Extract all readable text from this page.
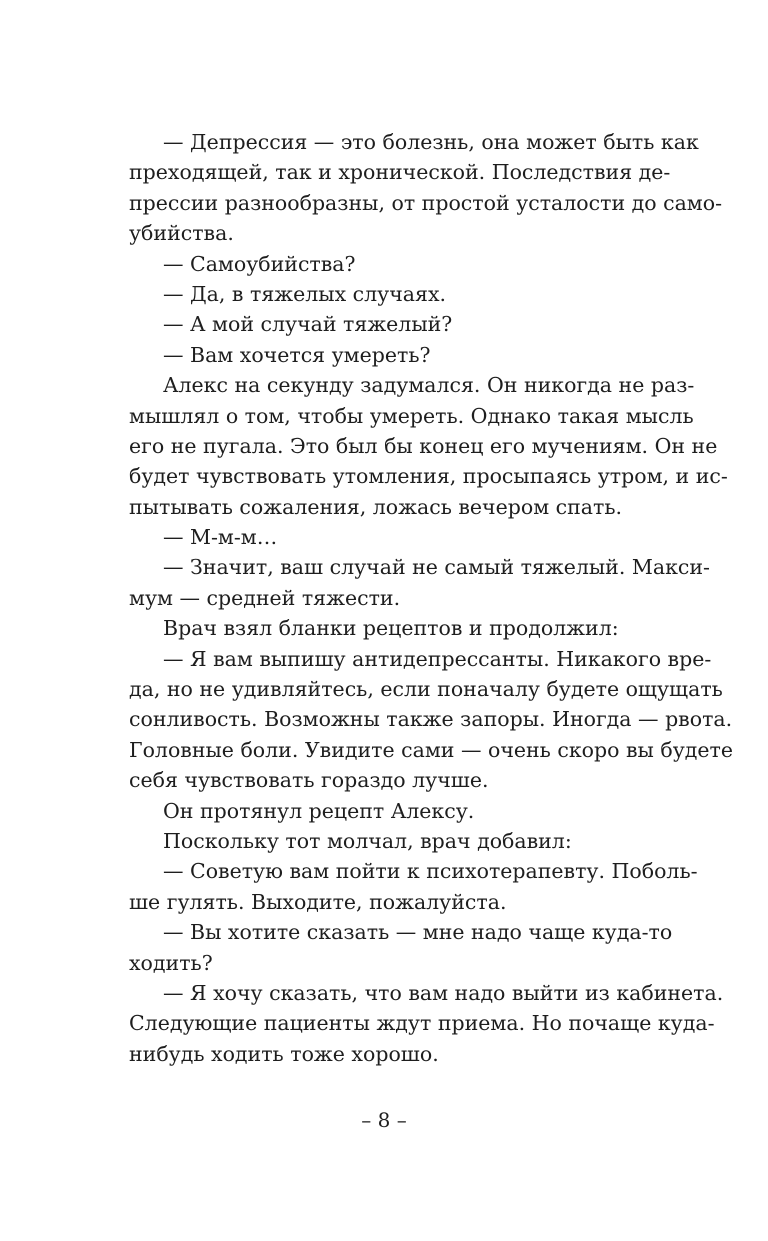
— Депрессия — это болезнь, она может быть как
преходящей, так и хронической. Последствия де-
прессии разнообразны, от простой усталости до само-
убийства.
— Самоубийства?
— Да, в тяжелых случаях.
— А мой случай тяжелый?
— Вам хочется умереть?
Алекс на секунду задумался. Он никогда не раз-
мышлял о том, чтобы умереть. Однако такая мысль
его не пугала. Это был бы конец его мучениям. Он не
будет чувствовать утомления, просыпаясь утром, и ис-
пытывать сожаления, ложась вечером спать.
— М-м-м…
— Значит, ваш случай не самый тяжелый. Макси-
мум — средней тяжести.
Врач взял бланки рецептов и продолжил:
— Я вам выпишу антидепрессанты. Никакого вре-
да, но не удивляйтесь, если поначалу будете ощущать
сонливость. Возможны также запоры. Иногда — рвота.
Головные боли. Увидите сами — очень скоро вы будете
себя чувствовать гораздо лучше.
Он протянул рецепт Алексу.
Поскольку тот молчал, врач добавил:
— Советую вам пойти к психотерапевту. Поболь-
ше гулять. Выходите, пожалуйста.
— Вы хотите сказать — мне надо чаще куда-то
ходить?
— Я хочу сказать, что вам надо выйти из кабинета.
Следующие пациенты ждут приема. Но почаще куда-
нибудь ходить тоже хорошо.
– 8 –
